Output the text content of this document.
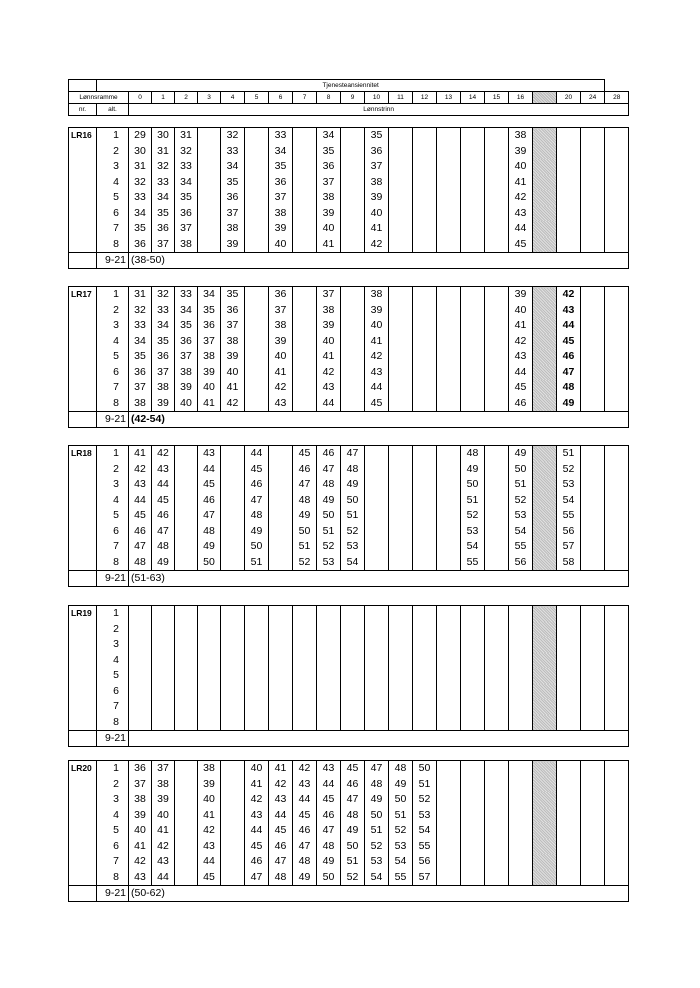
	Tjenesteansiennitet																					
Lønnsramme		0	1	2	3	4	5	6	7	8	9	10	11	12	13	14	15	16		20	24	28
nr.	alt.	Lønnstrinn																				
LR16	1	29	30	31		32		33		34		35						38				
	2	30	31	32		33		34		35		36						39				
	3	31	32	33		34		35		36		37						40				
	4	32	33	34		35		36		37		38						41				
	5	33	34	35		36		37		38		39						42				
	6	34	35	36		37		38		39		40						43				
	7	35	36	37		38		39		40		41						44				
	8	36	37	38		39		40		41		42						45				
	9-21	(38-50)																				
LR17	1	31	32	33	34	35		36		37		38						39		42		
	2	32	33	34	35	36		37		38		39						40		43		
	3	33	34	35	36	37		38		39		40						41		44		
	4	34	35	36	37	38		39		40		41						42		45		
	5	35	36	37	38	39		40		41		42						43		46		
	6	36	37	38	39	40		41		42		43						44		47		
	7	37	38	39	40	41		42		43		44						45		48		
	8	38	39	40	41	42		43		44		45						46		49		
	9-21	(42-54)																				
LR18	1	41	42		43		44		45	46	47					48		49		51		
	2	42	43		44		45		46	47	48					49		50		52		
	3	43	44		45		46		47	48	49					50		51		53		
	4	44	45		46		47		48	49	50					51		52		54		
	5	45	46		47		48		49	50	51					52		53		55		
	6	46	47		48		49		50	51	52					53		54		56		
	7	47	48		49		50		51	52	53					54		55		57		
	8	48	49		50		51		52	53	54					55		56		58		
	9-21	(51-63)																				
LR19	1																					
	2																					
	3																					
	4																					
	5																					
	6																					
	7																					
	8																					
	9-21																					
LR20	1	36	37		38		40	41	42	43	45	47	48	50								
	2	37	38		39		41	42	43	44	46	48	49	51								
	3	38	39		40		42	43	44	45	47	49	50	52								
	4	39	40		41		43	44	45	46	48	50	51	53								
	5	40	41		42		44	45	46	47	49	51	52	54								
	6	41	42		43		45	46	47	48	50	52	53	55								
	7	42	43		44		46	47	48	49	51	53	54	56								
	8	43	44		45		47	48	49	50	52	54	55	57								
	9-21	(50-62)																				
